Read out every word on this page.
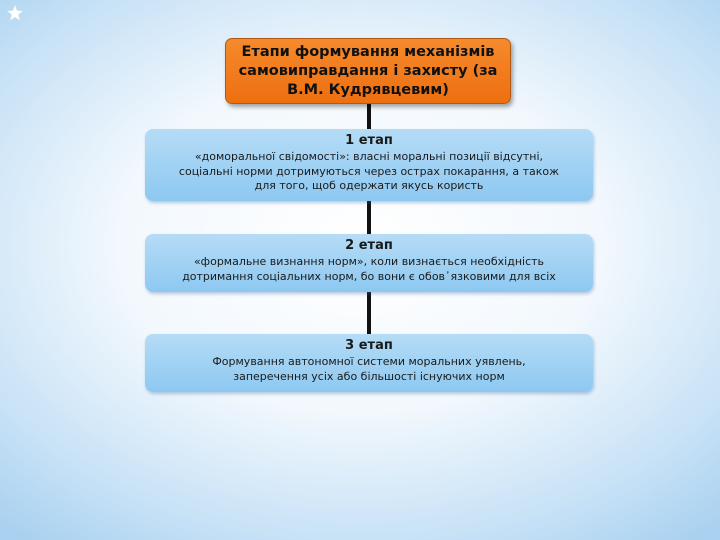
Етапи формування механізмів самовиправдання і захисту (за В.М. Кудрявцевим)
1 етап
«доморальної свідомості»: власні моральні позиції відсутні,
соціальні норми дотримуються через острах покарання, а також
для того, щоб одержати якусь користь
2 етап
«формальне визнання норм», коли визнається необхідність
дотримання соціальних норм, бо вони є обов᾽язковими для всіх
3 етап
Формування автономної системи моральних уявлень,
заперечення усіх або більшості існуючих норм
